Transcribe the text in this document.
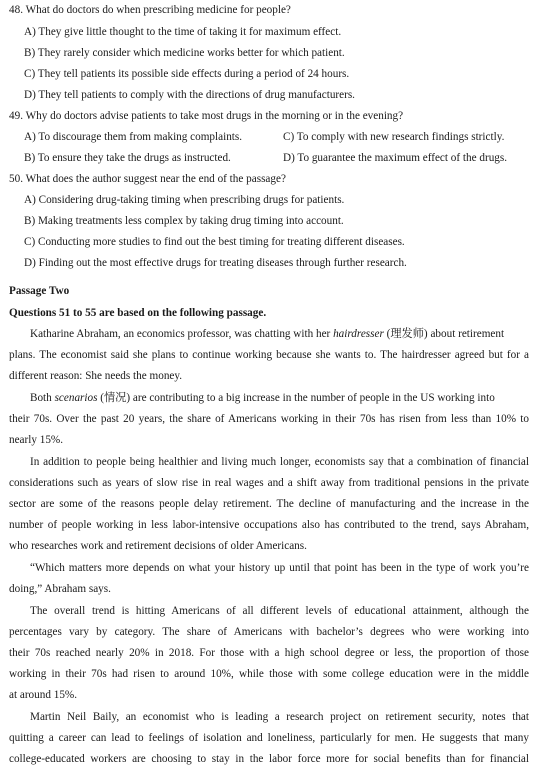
48. What do doctors do when prescribing medicine for people?
A) They give little thought to the time of taking it for maximum effect.
B) They rarely consider which medicine works better for which patient.
C) They tell patients its possible side effects during a period of 24 hours.
D) They tell patients to comply with the directions of drug manufacturers.
49. Why do doctors advise patients to take most drugs in the morning or in the evening?
A) To discourage them from making complaints.	C) To comply with new research findings strictly.
B) To ensure they take the drugs as instructed.	D) To guarantee the maximum effect of the drugs.
50. What does the author suggest near the end of the passage?
A) Considering drug-taking timing when prescribing drugs for patients.
B) Making treatments less complex by taking drug timing into account.
C) Conducting more studies to find out the best timing for treating different diseases.
D) Finding out the most effective drugs for treating diseases through further research.
Passage Two
Questions 51 to 55 are based on the following passage.
Katharine Abraham, an economics professor, was chatting with her hairdresser (理发师) about retirement
plans. The economist said she plans to continue working because she wants to. The hairdresser agreed but for a
different reason: She needs the money.
Both scenarios (情况) are contributing to a big increase in the number of people in the US working into
their 70s. Over the past 20 years, the share of Americans working in their 70s has risen from less than 10% to
nearly 15%.
In addition to people being healthier and living much longer, economists say that a combination of financial
considerations such as years of slow rise in real wages and a shift away from traditional pensions in the private
sector are some of the reasons people delay retirement. The decline of manufacturing and the increase in the
number of people working in less labor-intensive occupations also has contributed to the trend, says Abraham,
who researches work and retirement decisions of older Americans.
“Which matters more depends on what your history up until that point has been in the type of work you’re
doing,” Abraham says.
The overall trend is hitting Americans of all different levels of educational attainment, although the
percentages vary by category. The share of Americans with bachelor’s degrees who were working into
their 70s reached nearly 20% in 2018. For those with a high school degree or less, the proportion of those
working in their 70s had risen to around 10%, while those with some college education were in the middle
at around 15%.
Martin Neil Baily, an economist who is leading a research project on retirement security, notes that
quitting a career can lead to feelings of isolation and loneliness, particularly for men. He suggests that many
college-educated workers are choosing to stay in the labor force more for social benefits than for financial
